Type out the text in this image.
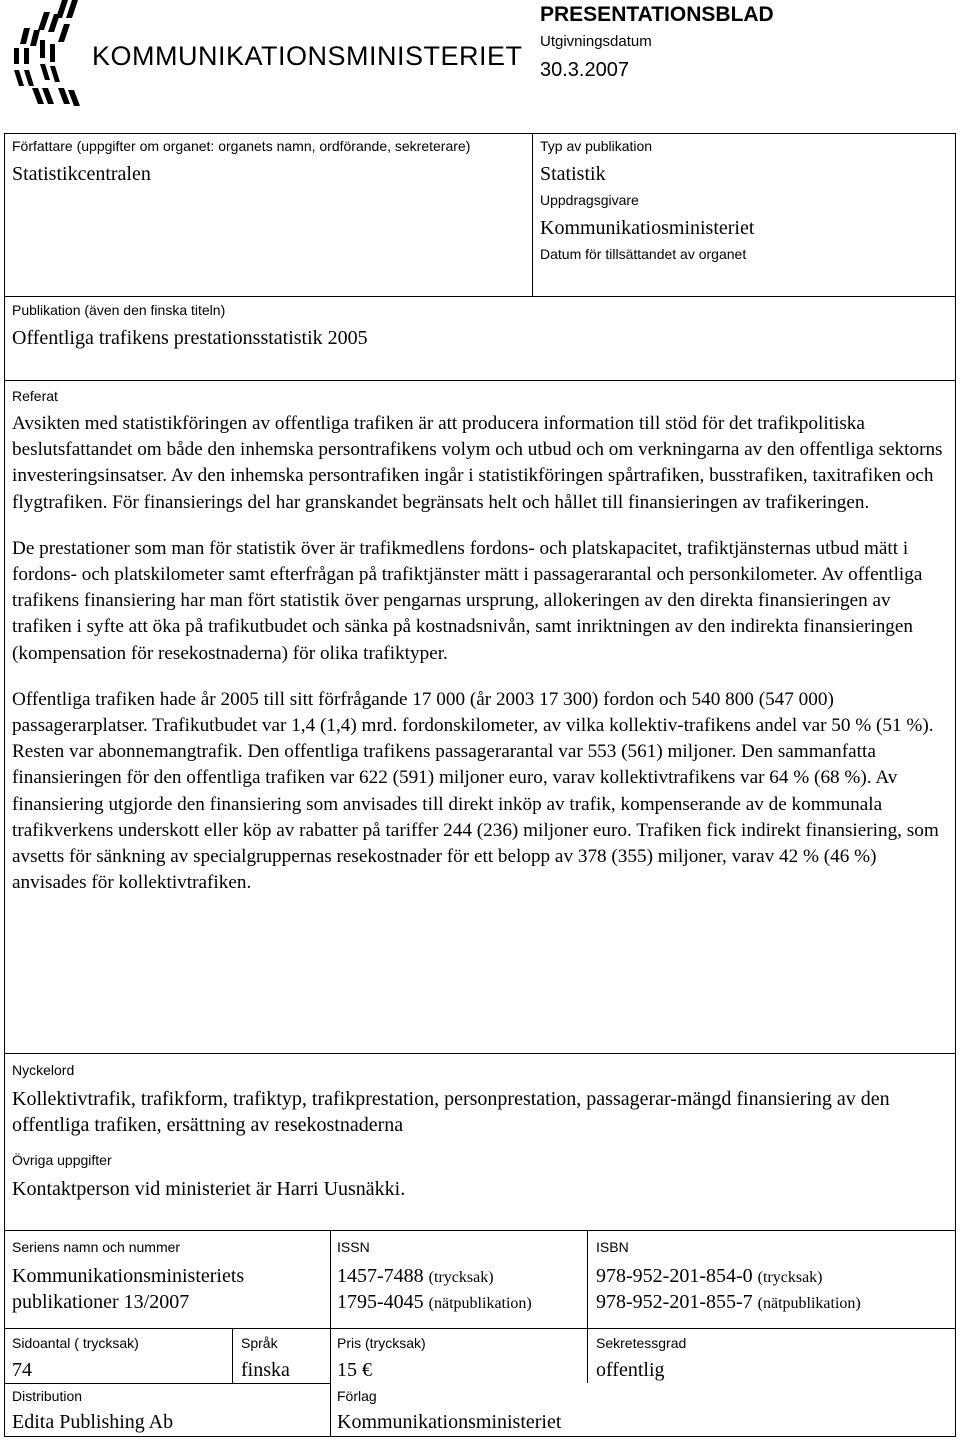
KOMMUNIKATIONSMINISTERIET
PRESENTATIONSBLAD
Utgivningsdatum
30.3.2007
Författare (uppgifter om organet: organets namn, ordförande, sekreterare)
Statistikcentralen
Typ av publikation
Statistik
Uppdragsgivare
Kommunikatiosministeriet
Datum för tillsättandet av organet
Publikation (även den finska titeln)
Offentliga trafikens prestationsstatistik 2005
Referat

Avsikten med statistikföringen av offentliga trafiken är att producera information till stöd för det trafikpolitiska beslutsfattandet om både den inhemska persontrafikens volym och utbud och om verkningarna av den offentliga sektorns investeringsinsatser. Av den inhemska persontrafiken ingår i statistikföringen spårtrafiken, busstrafiken, taxitrafiken och flygtrafiken. För finansierings del har granskandet begränsats helt och hållet till finansieringen av trafikeringen.

De prestationer som man för statistik över är trafikmedlens fordons- och platskapacitet, trafiktjänsternas utbud mätt i fordons- och platskilometer samt efterfrågan på trafiktjänster mätt i passagerarantal och personkilometer. Av offentliga trafikens finansiering har man fört statistik över pengarnas ursprung, allokeringen av den direkta finansieringen av trafiken i syfte att öka på trafikutbudet och sänka på kostnadsnivån, samt inriktningen av den indirekta finansieringen (kompensation för resekostnaderna) för olika trafiktyper.

Offentliga trafiken hade år 2005 till sitt förfrågande 17 000 (år 2003 17 300) fordon och 540 800 (547 000) passagerarplatser. Trafikutbudet var 1,4 (1,4) mrd. fordonskilometer, av vilka kollektiv-trafikens andel var 50 % (51 %). Resten var abonnemangtrafik. Den offentliga trafikens passagerarantal var 553 (561) miljoner. Den sammanfatta finansieringen för den offentliga trafiken var 622 (591) miljoner euro, varav kollektivtrafikens var 64 % (68 %). Av finansiering utgjorde den finansiering som anvisades till direkt inköp av trafik, kompenserande av de kommunala trafikverkens underskott eller köp av rabatter på tariffer 244 (236) miljoner euro. Trafiken fick indirekt finansiering, som avsetts för sänkning av specialgruppernas resekostnader för ett belopp av 378 (355) miljoner, varav 42 % (46 %) anvisades för kollektivtrafiken.

Nyckelord
Kollektivtrafik, trafikform, trafiktyp, trafikprestation, personprestation, passagerar-mängd finansiering av den offentliga trafiken, ersättning av resekostnaderna
Övriga uppgifter
Kontaktperson vid ministeriet är Harri Uusnäkki.
Seriens namn och nummer
Kommunikationsministeriets
publikationer 13/2007
ISSN
1457-7488 (trycksak)
1795-4045 (nätpublikation)
ISBN
978-952-201-854-0 (trycksak)
978-952-201-855-7 (nätpublikation)
Sidoantal ( trycksak)
74
Språk
finska
Pris (trycksak)
15 €
Sekretessgrad
offentlig
Distribution
Edita Publishing Ab
Förlag
Kommunikationsministeriet
